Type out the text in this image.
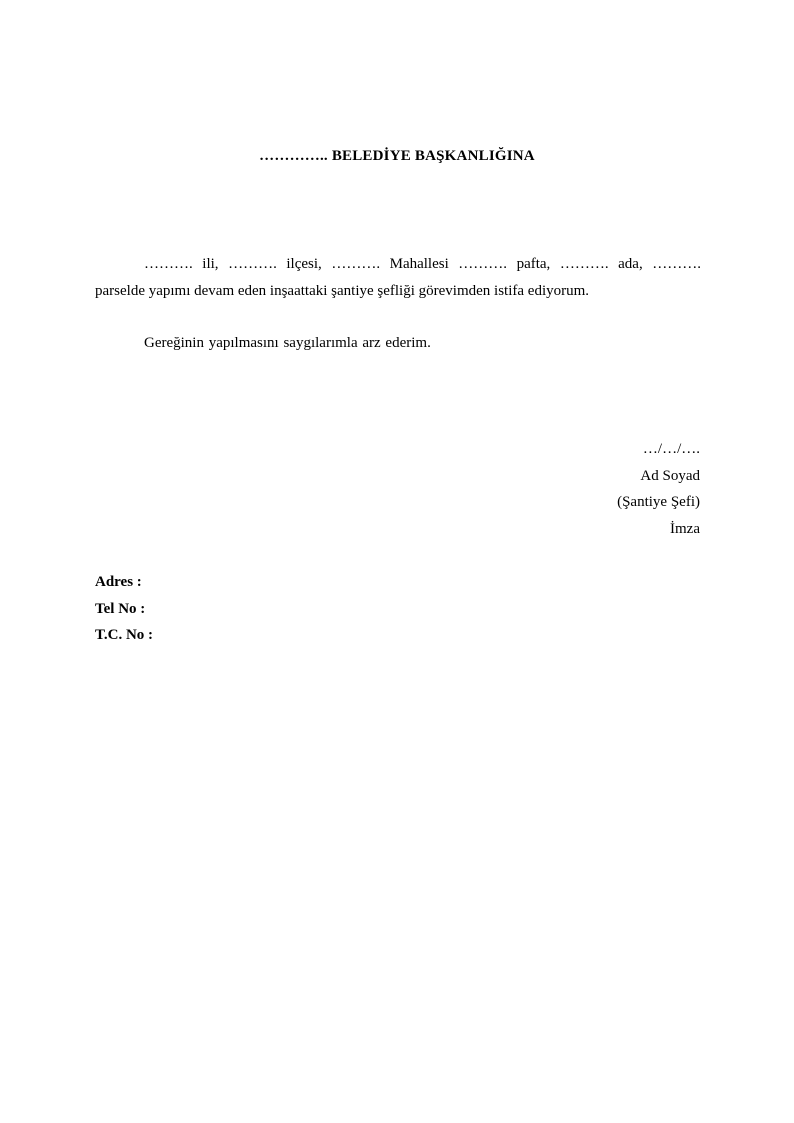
………….. BELEDİYE BAŞKANLIĞINA
………. ili, ………. ilçesi, ………. Mahallesi ………. pafta, ………. ada, ……….
parselde yapımı devam eden inşaattaki şantiye şefliği görevimden istifa ediyorum.
Gereğinin yapılmasını saygılarımla arz ederim.
…/…/….
Ad Soyad
(Şantiye Şefi)
İmza
Adres :
Tel No :
T.C. No :
